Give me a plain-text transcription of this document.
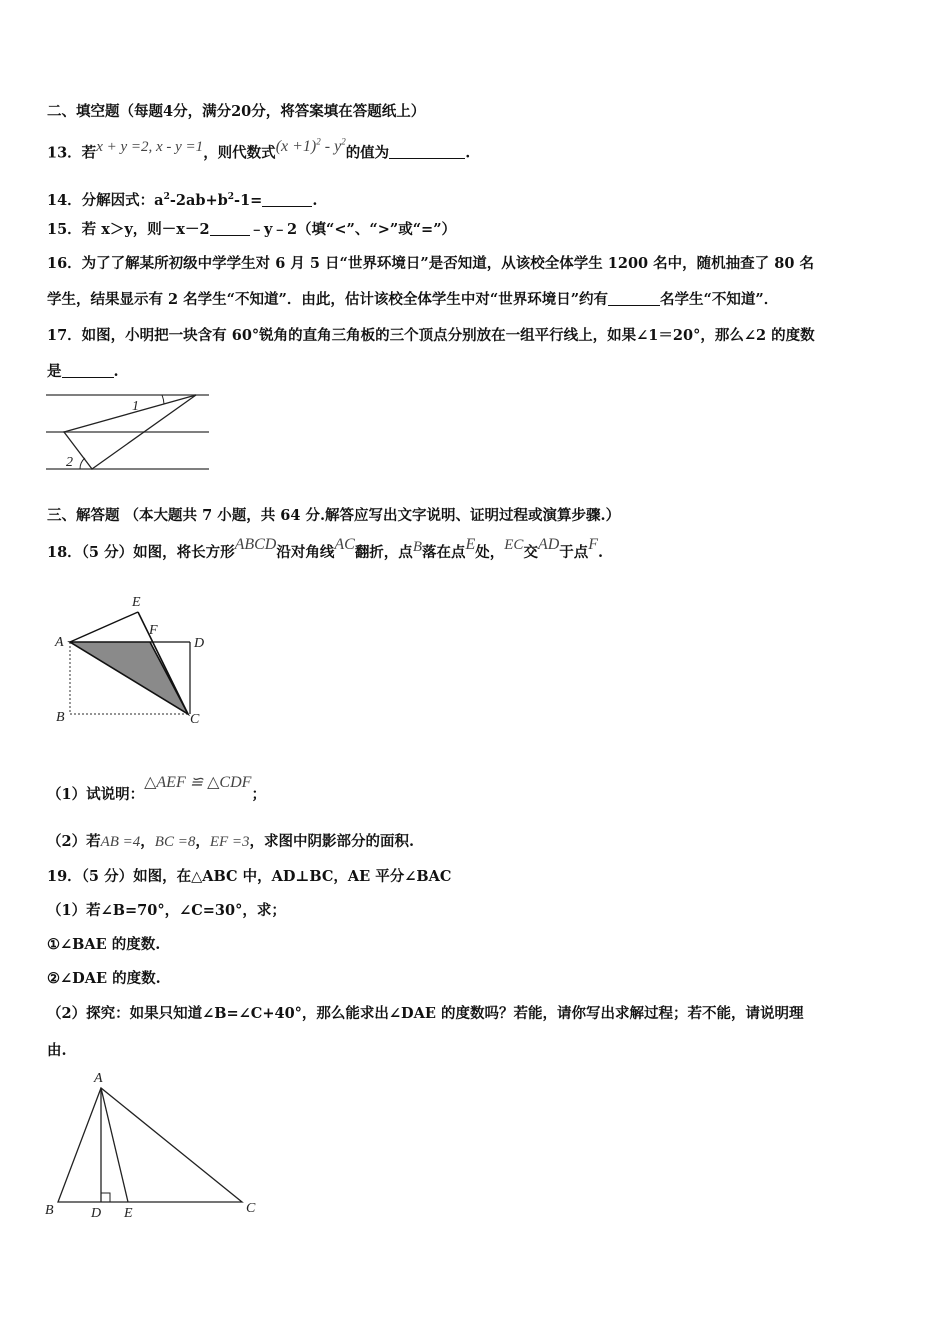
二、填空题（每题4分，满分20分，将答案填在答题纸上）
13．若x + y =2, x - y =1，则代数式$(x +1)^2 - y^2$的值为	.
14．分解因式：$a^2-2ab+b^2-1=$	.
15．若 x＞y，则－x－2	﹣y﹣2（填“<”、“>”或“=”）
16．为了了解某所初级中学学生对 6 月 5 日“世界环境日”是否知道，从该校全体学生 1200 名中，随机抽查了 80 名
学生，结果显示有 2 名学生“不知道”．由此，估计该校全体学生中对“世界环境日”约有	名学生“不知道”．
17．如图，小明把一块含有 60°锐角的直角三角板的三个顶点分别放在一组平行线上，如果∠1＝20°，那么∠2 的度数
是	.
1
2
三、解答题 （本大题共 7 小题，共 64 分.解答应写出文字说明、证明过程或演算步骤.）
18．（5 分）如图，将长方形ABCD沿对角线AC翻折，点B落在点E处，EC交AD于点F.
E
F
A	D
B	C
（1）试说明：△AEF ≌ △CDF；
（2）若AB =4，BC =8，EF =3，求图中阴影部分的面积.
19．（5 分）如图，在△ABC 中，AD⊥BC，AE 平分∠BAC
（1）若∠B=70°，∠C=30°，求；
①∠BAE 的度数.
②∠DAE 的度数.
（2）探究：如果只知道∠B=∠C+40°，那么能求出∠DAE 的度数吗？若能，请你写出求解过程；若不能，请说明理
由.
A
B	D E	C
